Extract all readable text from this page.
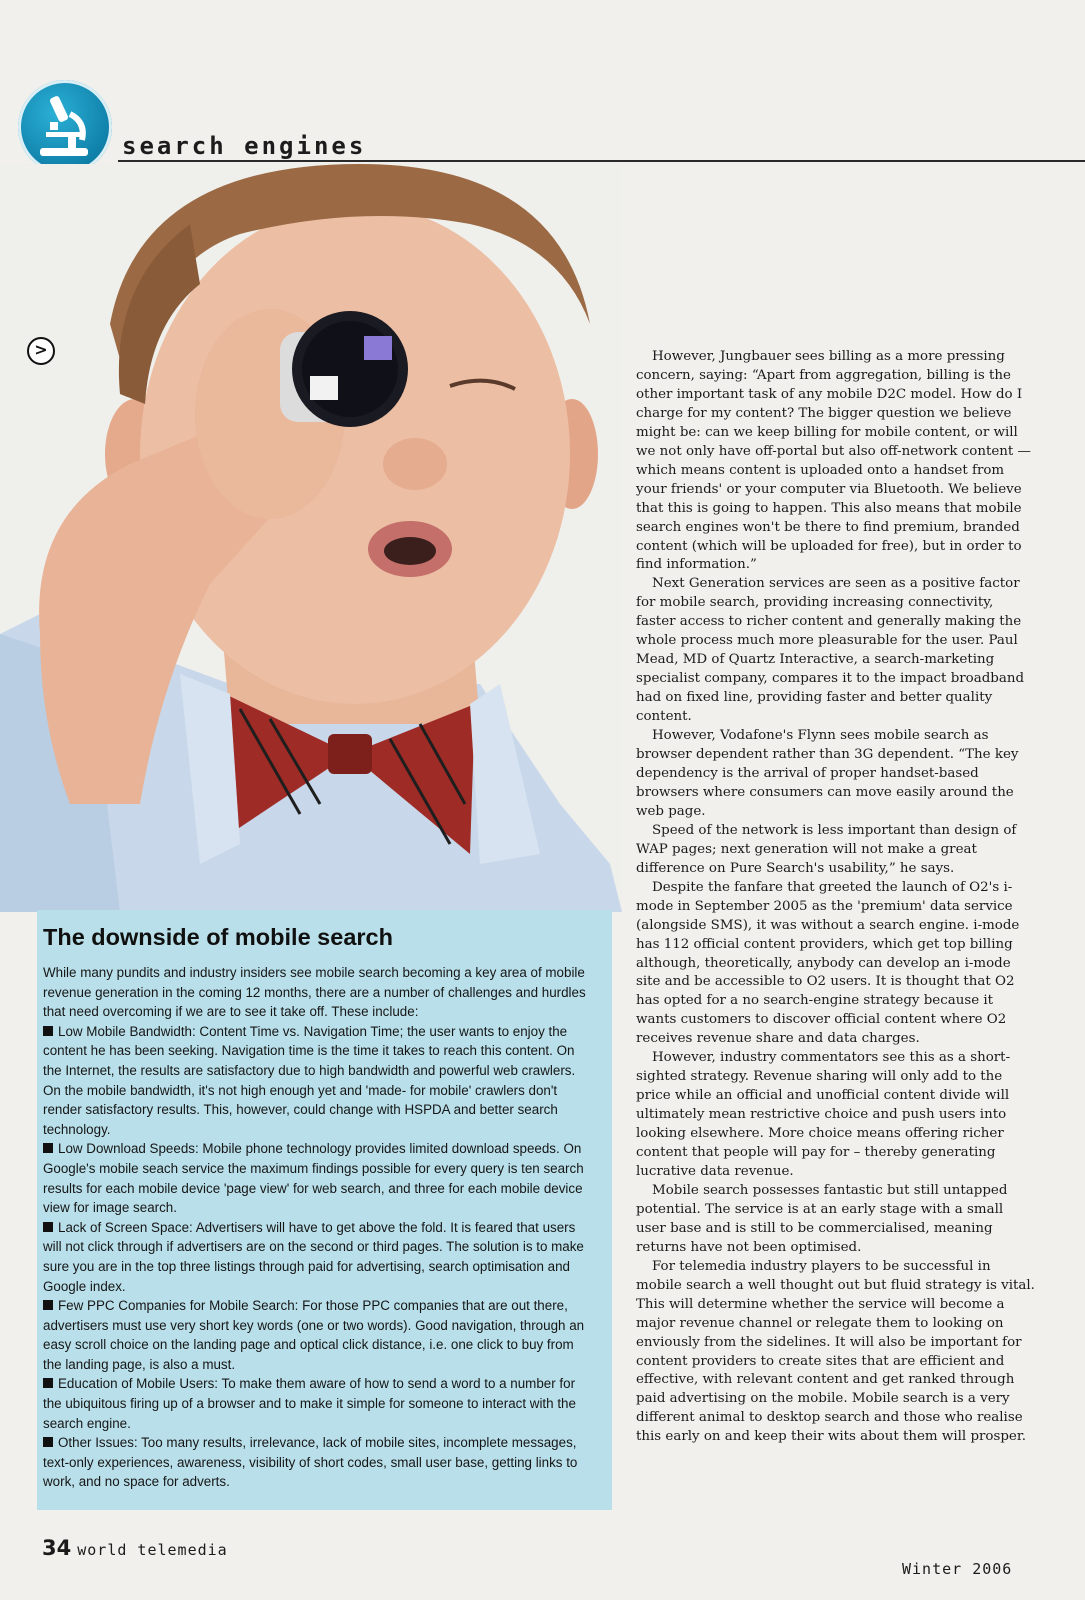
search engines
>
The downside of mobile search

While many pundits and industry insiders see mobile search becoming a key area of mobile revenue generation in the coming 12 months, there are a number of challenges and hurdles that need overcoming if we are to see it take off. These include:
Low Mobile Bandwidth: Content Time vs. Navigation Time; the user wants to enjoy the content he has been seeking. Navigation time is the time it takes to reach this content. On the Internet, the results are satisfactory due to high bandwidth and powerful web crawlers. On the mobile bandwidth, it's not high enough yet and 'made- for mobile' crawlers don't render satisfactory results. This, however, could change with HSPDA and better search technology.
Low Download Speeds: Mobile phone technology provides limited download speeds. On Google's mobile seach service the maximum findings possible for every query is ten search results for each mobile device 'page view' for web search, and three for each mobile device view for image search.
Lack of Screen Space: Advertisers will have to get above the fold. It is feared that users will not click through if advertisers are on the second or third pages. The solution is to make sure you are in the top three listings through paid for advertising, search optimisation and Google index.
Few PPC Companies for Mobile Search: For those PPC companies that are out there, advertisers must use very short key words (one or two words). Good navigation, through an easy scroll choice on the landing page and optical click distance, i.e. one click to buy from the landing page, is also a must.
Education of Mobile Users: To make them aware of how to send a word to a number for the ubiquitous firing up of a browser and to make it simple for someone to interact with the search engine.
Other Issues: Too many results, irrelevance, lack of mobile sites, incomplete messages, text-only experiences, awareness, visibility of short codes, small user base, getting links to work, and no space for adverts.

However, Jungbauer sees billing as a more pressing concern, saying: “Apart from aggregation, billing is the other important task of any mobile D2C model. How do I charge for my content? The bigger question we believe might be: can we keep billing for mobile content, or will we not only have off-portal but also off-network content — which means content is uploaded onto a handset from your friends' or your computer via Bluetooth. We believe that this is going to happen. This also means that mobile search engines won't be there to find premium, branded content (which will be uploaded for free), but in order to find information.”

Next Generation services are seen as a positive factor for mobile search, providing increasing connectivity, faster access to richer content and generally making the whole process much more pleasurable for the user. Paul Mead, MD of Quartz Interactive, a search-marketing specialist company, compares it to the impact broadband had on fixed line, providing faster and better quality content.

However, Vodafone's Flynn sees mobile search as browser dependent rather than 3G dependent. “The key dependency is the arrival of proper handset-based browsers where consumers can move easily around the web page.

Speed of the network is less important than design of WAP pages; next generation will not make a great difference on Pure Search's usability,” he says.

Despite the fanfare that greeted the launch of O2's i-mode in September 2005 as the 'premium' data service (alongside SMS), it was without a search engine. i-mode has 112 official content providers, which get top billing although, theoretically, anybody can develop an i-mode site and be accessible to O2 users. It is thought that O2 has opted for a no search-engine strategy because it wants customers to discover official content where O2 receives revenue share and data charges.

However, industry commentators see this as a short-sighted strategy. Revenue sharing will only add to the price while an official and unofficial content divide will ultimately mean restrictive choice and push users into looking elsewhere. More choice means offering richer content that people will pay for – thereby generating lucrative data revenue.

Mobile search possesses fantastic but still untapped potential. The service is at an early stage with a small user base and is still to be commercialised, meaning returns have not been optimised.

For telemedia industry players to be successful in mobile search a well thought out but fluid strategy is vital. This will determine whether the service will become a major revenue channel or relegate them to looking on enviously from the sidelines. It will also be important for content providers to create sites that are efficient and effective, with relevant content and get ranked through paid advertising on the mobile. Mobile search is a very different animal to desktop search and those who realise this early on and keep their wits about them will prosper.

34 world telemedia
Winter 2006
